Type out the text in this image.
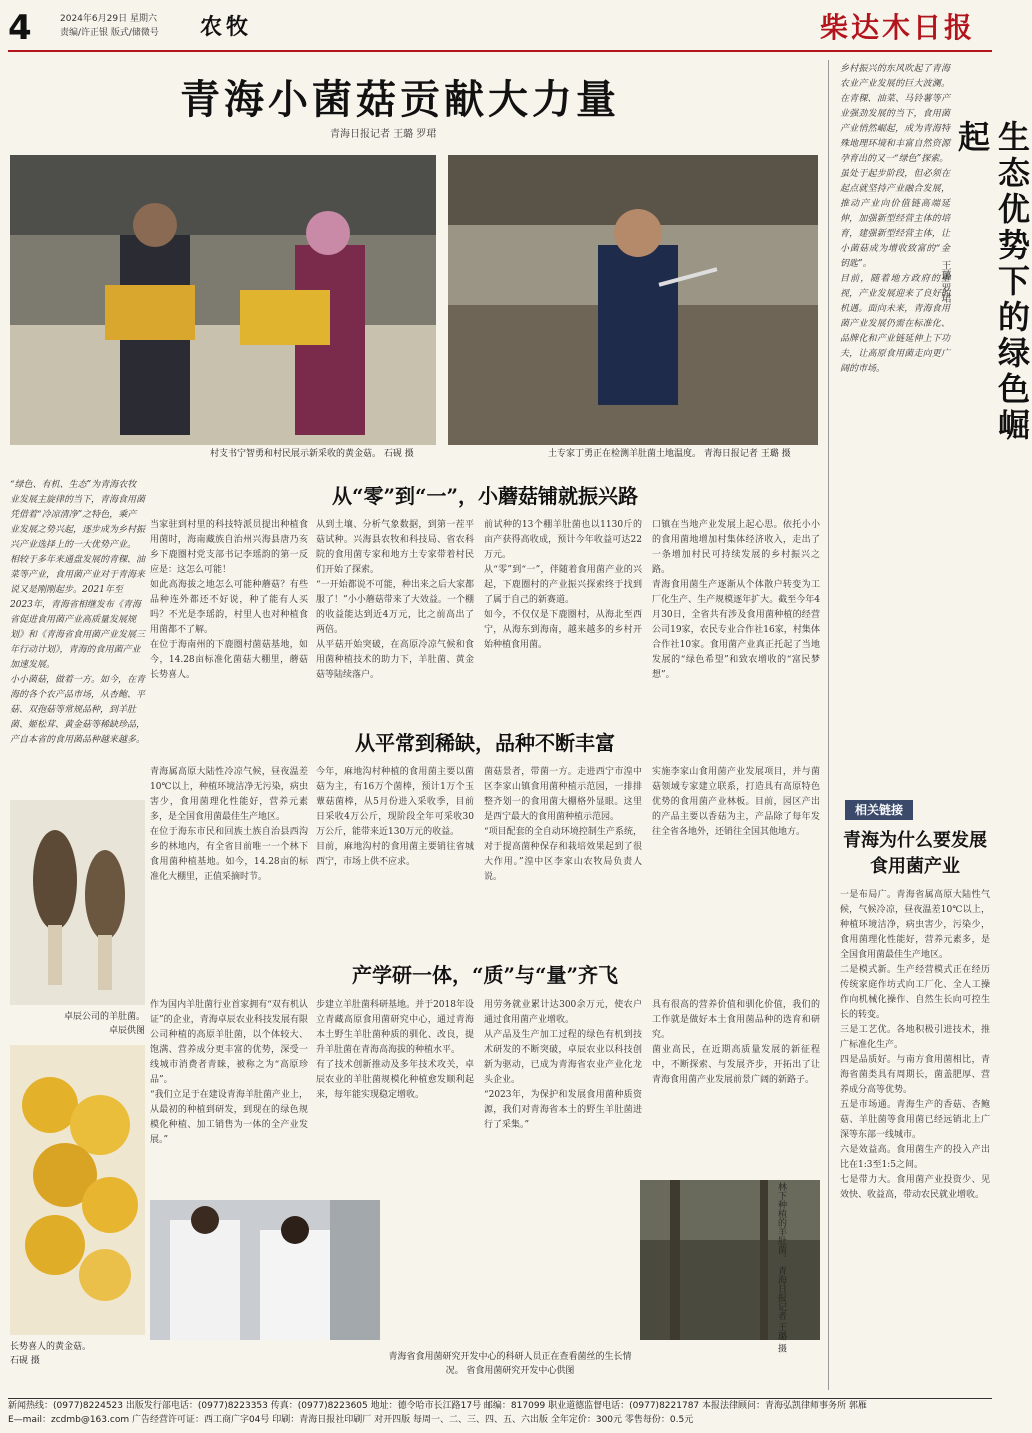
4	2024年6月29日 星期六
责编/许正银 版式/储微号	农牧	柴达木日报
青海小菌菇贡献大力量
青海日报记者 王璐 罗珺
村支书宁智勇和村民展示新采收的黄金菇。 石砚 摄	土专家丁勇正在检测羊肚菌土地温度。 青海日报记者 王璐 摄
“绿色、有机、生态”为青海农牧业发展主旋律的当下，青海食用菌凭借着“冷凉清净”之特色，乘产业发展之势兴起，逐步成为乡村振兴产业选择上的一大优势产业。
相较于多年来通盘发展的青稞、油菜等产业，食用菌产业对于青海来说又是刚刚起步。2021年至2023年，青海省相继发布《青海省促进食用菌产业高质量发展规划》和《青海省食用菌产业发展三年行动计划》，青海的食用菌产业加速发展。
小小菌菇，做着一方。如今，在青海的各个农产品市场，从杏鲍、平菇、双孢菇等常规品种，到羊肚菌、姬松茸、黄金菇等稀缺珍品，产自本省的食用菌品种越来越多。
从“零”到“一”，小蘑菇铺就振兴路
当家驻到村里的科技特派员提出种植食用菌时，海南藏族自治州兴海县唐乃亥乡下鹿圈村党支部书记李瑶韵的第一反应是：这怎么可能！
如此高海拔之地怎么可能种蘑菇？有些品种连外都还不好说，种了能有人买吗？不光是李瑶韵，村里人也对种植食用菌都不了解。
在位于海南州的下鹿圈村菌菇基地，如今，14.28亩标准化菌菇大棚里，蘑菇长势喜人。
从到土壤、分析气象数据，到第一茬平菇试种。兴海县农牧和科技局、省农科院的食用菌专家和地方土专家带着村民们开始了探索。
“一开始都说不可能，种出来之后大家都服了！”小小蘑菇带来了大效益。一个棚的收益能达到近4万元，比之前高出了两倍。
从平菇开始突破，在高原冷凉气候和食用菌种植技术的助力下，羊肚菌、黄金菇等陆续落户。
前试种的13个棚羊肚菌也以1130斤的亩产获得高收成，预计今年收益可达22万元。
从“零”到“一”，伴随着食用菌产业的兴起，下鹿圈村的产业振兴探索终于找到了属于自己的新赛道。
如今，不仅仅是下鹿圈村，从海北至西宁，从海东到海南，越来越多的乡村开始种植食用菌。
口镇在当地产业发展上起心思。依托小小的食用菌地增加村集体经济收入，走出了一条增加村民可持续发展的乡村振兴之路。
青海食用菌生产逐渐从个体散户转变为工厂化生产、生产规模逐年扩大。截至今年4月30日，全省共有涉及食用菌种植的经营公司19家，农民专业合作社16家，村集体合作社10家。食用菌产业真正托起了当地发展的“绿色希望”和致农增收的“富民梦想”。
从平常到稀缺，品种不断丰富
青海属高原大陆性冷凉气候，昼夜温差10℃以上，种植环境洁净无污染，病虫害少，食用菌理化性能好，营养元素多，是全国食用菌最佳生产地区。
在位于海东市民和回族土族自治县西沟乡的林地内，有全省目前唯一一个林下食用菌种植基地。如今，14.28亩的标准化大棚里，正值采摘时节。
今年，麻地沟村种植的食用菌主要以菌菇为主，有16万个菌棒，预计1万个玉蕈菇菌棒，从5月份进入采收季，目前日采收4万公斤，现阶段全年可采收30万公斤，能带来近130万元的收益。
目前，麻地沟村的食用菌主要销往省城西宁，市场上供不应求。
菌菇景者，带菌一方。走进西宁市湟中区李家山镇食用菌种植示范园，一排排整齐划一的食用菌大棚格外显眼。这里是西宁最大的食用菌种植示范园。
“项目配套的全自动环境控制生产系统，对于提高菌种保存和栽培效果起到了很大作用。”湟中区李家山农牧局负责人说。
实施李家山食用菌产业发展项目，并与菌菇领域专家建立联系，打造具有高原特色优势的食用菌产业林板。目前，园区产出的产品主要以香菇为主，产品除了每年发往全省各地外，还销往全国其他地方。
卓辰公司的羊肚菌。
卓辰供图
长势喜人的黄金菇。
石砚 摄
产学研一体，“质”与“量”齐飞
作为国内羊肚菌行业首家拥有“双有机认证”的企业，青海卓辰农业科技发展有限公司种植的高原羊肚菌，以个体较大、饱满、营养成分更丰富的优势，深受一线城市消费者青睐，被称之为“高原珍品”。
“我们立足于在建设青海羊肚菌产业上，从最初的种植到研发，到现在的绿色规模化种植、加工销售为一体的全产业发展。”
步建立羊肚菌科研基地。并于2018年设立青藏高原食用菌研究中心，通过青海本土野生羊肚菌种质的驯化、改良，提升羊肚菌在青海高海拔的种植水平。
有了技术创新推动及多年技术攻关，卓辰农业的羊肚菌规模化种植愈发顺利起来，每年能实现稳定增收。
用劳务就业累计达300余万元，使农户通过食用菌产业增收。
从产品及生产加工过程的绿色有机到技术研发的不断突破，卓辰农业以科技创新为驱动，已成为青海省农业产业化龙头企业。
“2023年，为保护和发展食用菌种质资源，我们对青海省本土的野生羊肚菌进行了采集。”
具有很高的营养价值和驯化价值，我们的工作就是做好本土食用菌品种的选育和研究。
菌业高民，在近期高质量发展的新征程中，不断探索、与发展齐步，开拓出了让青海食用菌产业发展前景广阔的新路子。
林下种植的羊肚菌。 青海日报记者 王璐 摄
青海省食用菌研究开发中心的科研人员正在查看菌丝的生长情况。 省食用菌研究开发中心供图
乡村振兴的东风吹起了青海农业产业发展的巨大波澜。在青稞、油菜、马铃薯等产业强劲发展的当下，食用菌产业悄然崛起，成为青海特殊地理环境和丰富自然资源孕育出的又一“绿色”探索。
虽处于起步阶段，但必须在起点就坚持产业融合发展，推动产业向价值链高端延伸，加强新型经营主体的培育，建强新型经营主体，让小菌菇成为增收致富的“金钥匙”。
目前，随着地方政府的重视，产业发展迎来了良好的机遇。面向未来，青海食用菌产业发展仍需在标准化、品牌化和产业链延伸上下功夫，让高原食用菌走向更广阔的市场。	生态优势下的绿色崛起
王璐 罗珺
相关链接
青海为什么要发展食用菌产业
一是布局广。青海省属高原大陆性气候，气候冷凉，昼夜温差10℃以上，种植环境洁净，病虫害少，污染少，食用菌理化性能好，营养元素多，是全国食用菌最佳生产地区。
二是模式新。生产经营模式正在经历传统家庭作坊式向工厂化、全人工操作向机械化操作、自然生长向可控生长的转变。
三是工艺优。各地积极引进技术，推广标准化生产。
四是品质好。与南方食用菌相比，青海省菌类具有周期长，菌盖肥厚、营养成分高等优势。
五是市场通。青海生产的香菇、杏鲍菇、羊肚菌等食用菌已经远销北上广深等东部一线城市。
六是效益高。食用菌生产的投入产出比在1:3至1:5之间。
七是带力大。食用菌产业投资少、见效快、收益高，带动农民就业增收。
新闻热线：(0977)8224523 出版发行部电话：(0977)8223353 传真：(0977)8223605 地址：德令哈市长江路17号 邮编：817099 职业道德监督电话：(0977)8221787 本报法律顾问：青海弘凯律师事务所 郭雁
E—mail：zcdmb@163.com 广告经营许可证：西工商广字04号 印刷：青海日报社印刷厂 对开四版 每周一、二、三、四、五、六出版 全年定价：300元 零售每份：0.5元
